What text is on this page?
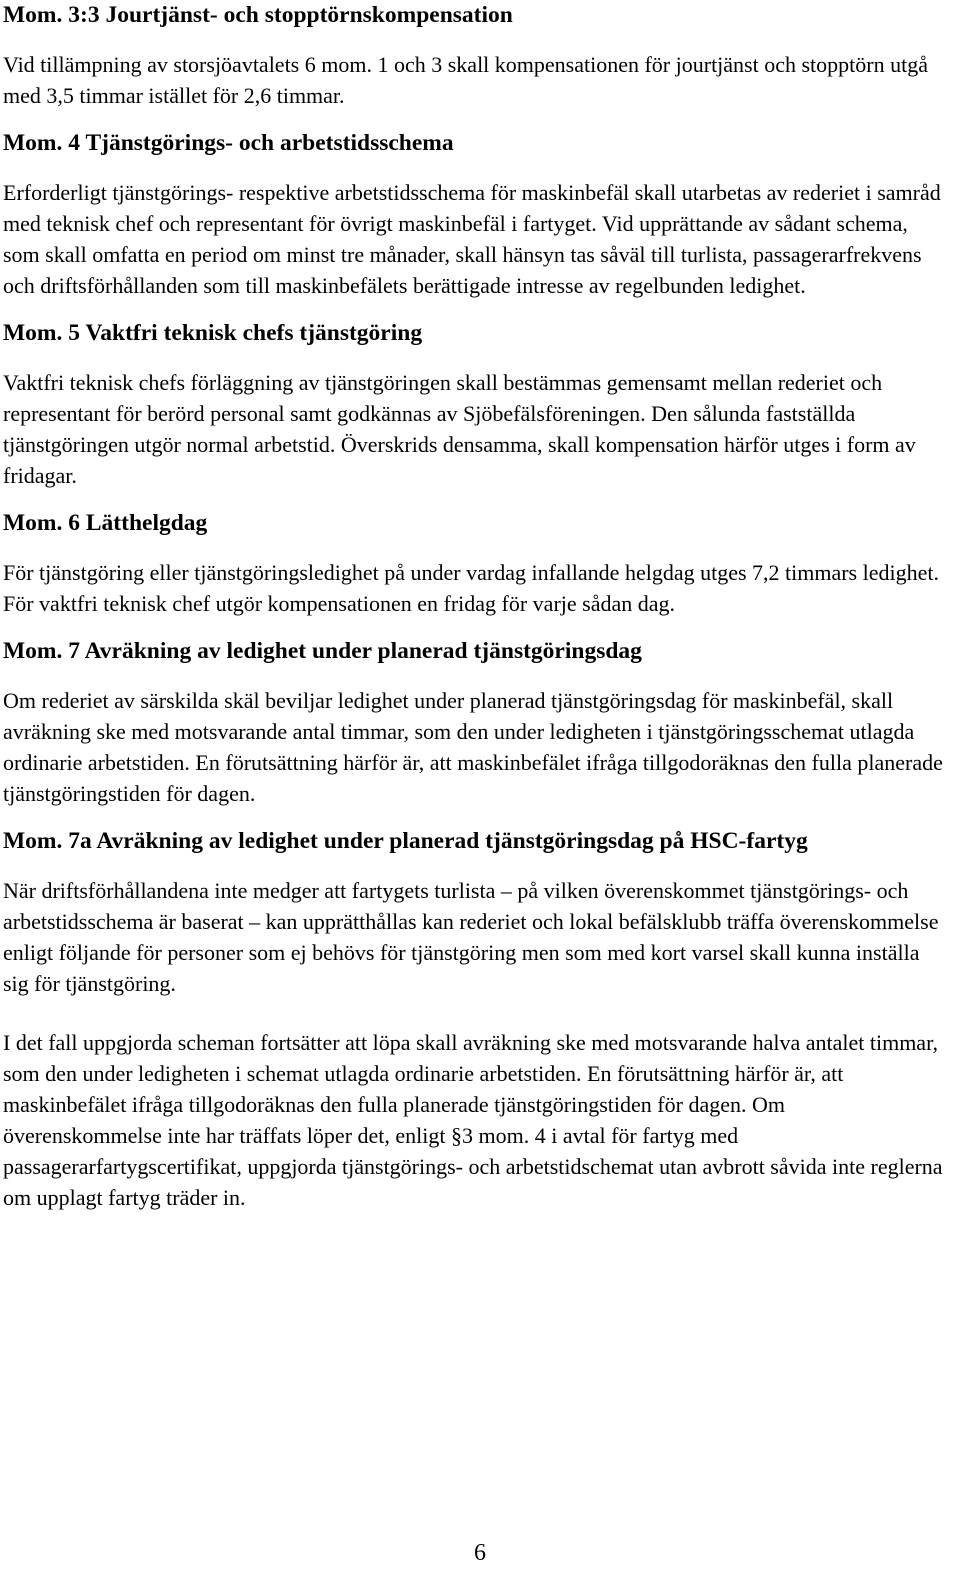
Mom. 3:3 Jourtjänst- och stopptörnskompensation

Vid tillämpning av storsjöavtalets 6 mom. 1 och 3 skall kompensationen för jourtjänst och stopptörn utgå med 3,5 timmar istället för 2,6 timmar.

Mom. 4 Tjänstgörings- och arbetstidsschema

Erforderligt tjänstgörings- respektive arbetstidsschema för maskinbefäl skall utarbetas av rederiet i samråd med teknisk chef och representant för övrigt maskinbefäl i fartyget. Vid upprättande av sådant schema, som skall omfatta en period om minst tre månader, skall hänsyn tas såväl till turlista, passagerarfrekvens och driftsförhållanden som till maskinbefälets berättigade intresse av regelbunden ledighet.

Mom. 5 Vaktfri teknisk chefs tjänstgöring

Vaktfri teknisk chefs förläggning av tjänstgöringen skall bestämmas gemensamt mellan rederiet och representant för berörd personal samt godkännas av Sjöbefälsföreningen. Den sålunda fastställda tjänstgöringen utgör normal arbetstid. Överskrids densamma, skall kompensation härför utges i form av fridagar.

Mom. 6 Lätthelgdag

För tjänstgöring eller tjänstgöringsledighet på under vardag infallande helgdag utges 7,2 timmars ledighet. För vaktfri teknisk chef utgör kompensationen en fridag för varje sådan dag.

Mom. 7 Avräkning av ledighet under planerad tjänstgöringsdag

Om rederiet av särskilda skäl beviljar ledighet under planerad tjänstgöringsdag för maskinbefäl, skall avräkning ske med motsvarande antal timmar, som den under ledigheten i tjänstgöringsschemat utlagda ordinarie arbetstiden. En förutsättning härför är, att maskinbefälet ifråga tillgodoräknas den fulla planerade tjänstgöringstiden för dagen.

Mom. 7a Avräkning av ledighet under planerad tjänstgöringsdag på HSC-fartyg

När driftsförhållandena inte medger att fartygets turlista – på vilken överenskommet tjänstgörings- och arbetstidsschema är baserat – kan upprätthållas kan rederiet och lokal befälsklubb träffa överenskommelse enligt följande för personer som ej behövs för tjänstgöring men som med kort varsel skall kunna inställa sig för tjänstgöring.

I det fall uppgjorda scheman fortsätter att löpa skall avräkning ske med motsvarande halva antalet timmar, som den under ledigheten i schemat utlagda ordinarie arbetstiden. En förutsättning härför är, att maskinbefälet ifråga tillgodoräknas den fulla planerade tjänstgöringstiden för dagen. Om överenskommelse inte har träffats löper det, enligt §3 mom. 4 i avtal för fartyg med passagerarfartygscertifikat, uppgjorda tjänstgörings- och arbetstidschemat utan avbrott såvida inte reglerna om upplagt fartyg träder in.

6
